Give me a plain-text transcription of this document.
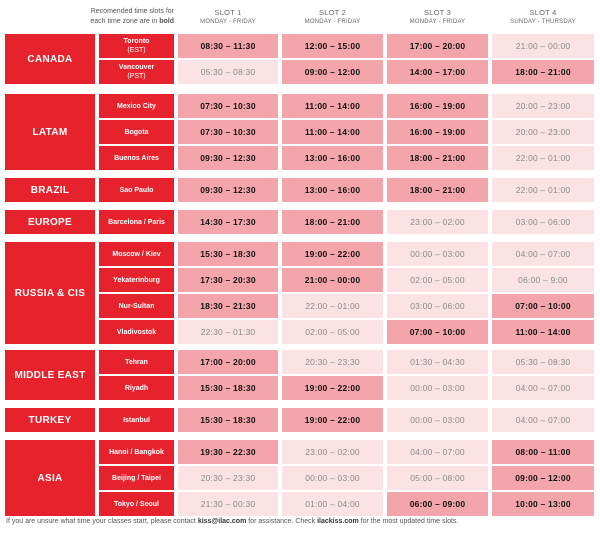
Recomended time slots for
each time zone are in bold
SLOT 1
MONDAY - FRIDAY
SLOT 2
MONDAY - FRIDAY
SLOT 3
MONDAY - FRIDAY
SLOT 4
SUNDAY - THURSDAY
CANADA
Toronto
(EST)	08:30 – 11:30	12:00 – 15:00	17:00 – 20:00	21:00 – 00:00
Vancouver
(PST)	05:30 – 08:30	09:00 – 12:00	14:00 – 17:00	18:00 – 21:00
LATAM
Mexico City	07:30 – 10:30	11:00 – 14:00	16:00 – 19:00	20:00 – 23:00
Bogota	07:30 – 10:30	11:00 – 14:00	16:00 – 19:00	20:00 – 23:00
Buenos Aires	09:30 – 12:30	13:00 – 16:00	18:00 – 21:00	22:00 – 01:00
BRAZIL	Sao Paulo	09:30 – 12:30	13:00 – 16:00	18:00 – 21:00	22:00 – 01:00
EUROPE	Barcelona / Paris	14:30 – 17:30	18:00 – 21:00	23:00 – 02:00	03:00 – 06:00
RUSSIA & CIS
Moscow / Kiev	15:30 – 18:30	19:00 – 22:00	00:00 – 03:00	04:00 – 07:00
Yekaterinburg	17:30 – 20:30	21:00 – 00:00	02:00 – 05:00	06:00 – 9:00
Nur-Sultan	18:30 – 21:30	22:00 – 01:00	03:00 – 06:00	07:00 – 10:00
Vladivostok	22:30 – 01:30	02:00 – 05:00	07:00 – 10:00	11:00 – 14:00
MIDDLE EAST
Tehran	17:00 – 20:00	20:30 – 23:30	01:30 – 04:30	05:30 – 08:30
Riyadh	15:30 – 18:30	19:00 – 22:00	00:00 – 03:00	04:00 – 07:00
TURKEY	Istanbul	15:30 – 18:30	19:00 – 22:00	00:00 – 03:00	04:00 – 07:00
ASIA
Hanoi / Bangkok	19:30 – 22:30	23:00 – 02:00	04:00 – 07:00	08:00 – 11:00
Beijing / Taipei	20:30 – 23:30	00:00 – 03:00	05:00 – 08:00	09:00 – 12:00
Tokyo / Seoul	21:30 – 00:30	01:00 – 04:00	06:00 – 09:00	10:00 – 13:00
If you are unsure what time your classes start, please contact kiss@ilac.com for assistance. Check ilackiss.com for the most updated time slots.
